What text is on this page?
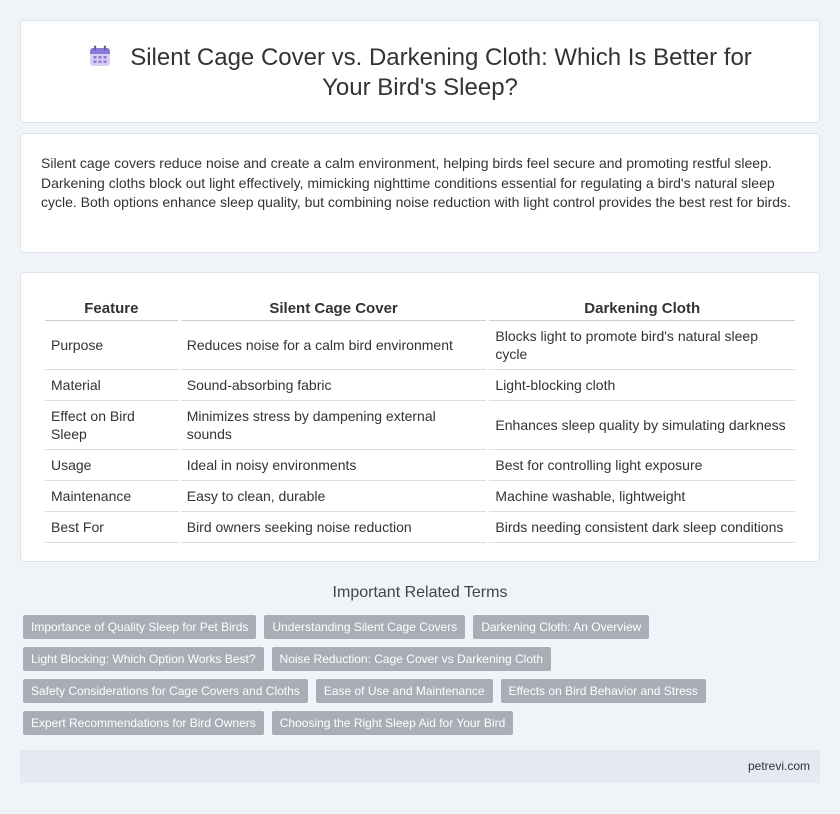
Silent Cage Cover vs. Darkening Cloth: Which Is Better for Your Bird's Sleep?

Silent cage covers reduce noise and create a calm environment, helping birds feel secure and promoting restful sleep. Darkening cloths block out light effectively, mimicking nighttime conditions essential for regulating a bird's natural sleep cycle. Both options enhance sleep quality, but combining noise reduction with light control provides the best rest for birds.

Feature	Silent Cage Cover	Darkening Cloth
Purpose	Reduces noise for a calm bird environment	Blocks light to promote bird's natural sleep cycle
Material	Sound-absorbing fabric	Light-blocking cloth
Effect on Bird Sleep	Minimizes stress by dampening external sounds	Enhances sleep quality by simulating darkness
Usage	Ideal in noisy environments	Best for controlling light exposure
Maintenance	Easy to clean, durable	Machine washable, lightweight
Best For	Bird owners seeking noise reduction	Birds needing consistent dark sleep conditions
Important Related Terms
Importance of Quality Sleep for Pet Birds	Understanding Silent Cage Covers	Darkening Cloth: An Overview
Light Blocking: Which Option Works Best?	Noise Reduction: Cage Cover vs Darkening Cloth
Safety Considerations for Cage Covers and Cloths	Ease of Use and Maintenance	Effects on Bird Behavior and Stress
Expert Recommendations for Bird Owners	Choosing the Right Sleep Aid for Your Bird
petrevi.com
